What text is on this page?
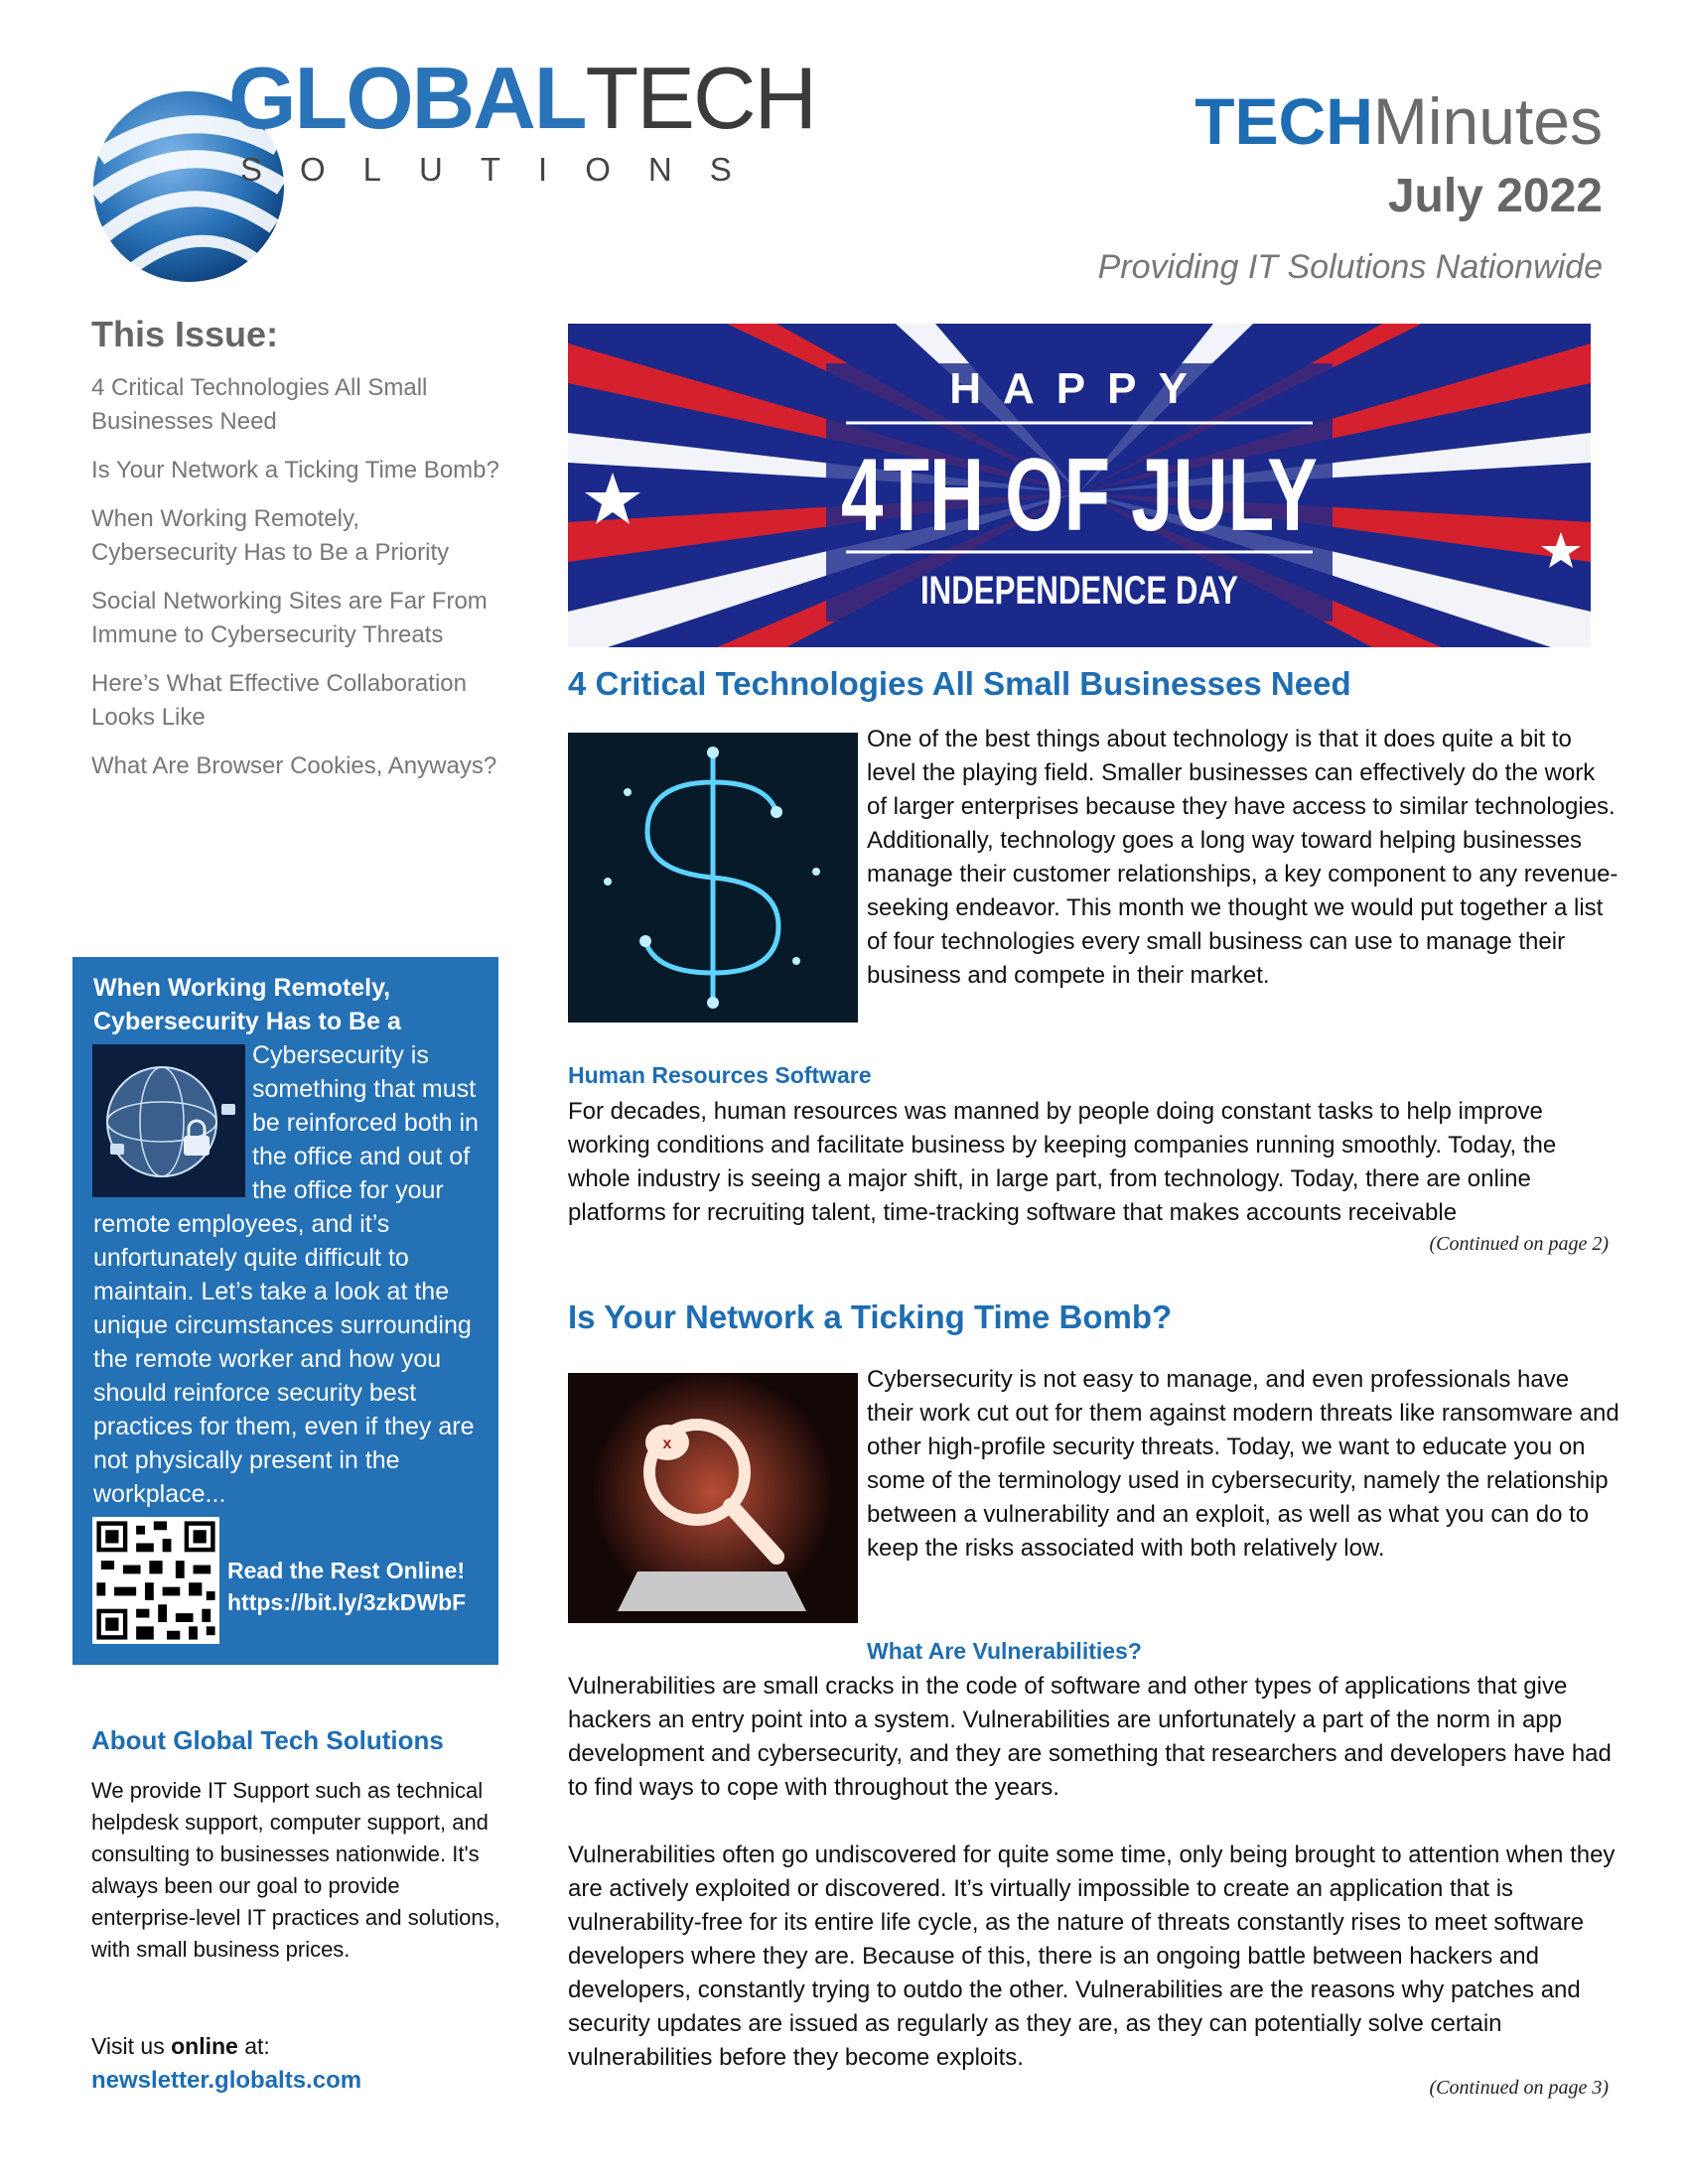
GLOBALTECH
SOLUTIONS
TECHMinutes
July 2022
Providing IT Solutions Nationwide
This Issue:
4 Critical Technologies All Small Businesses Need
Is Your Network a Ticking Time Bomb?
When Working Remotely, Cybersecurity Has to Be a Priority
Social Networking Sites are Far From Immune to Cybersecurity Threats
Here’s What Effective Collaboration Looks Like
What Are Browser Cookies, Anyways?
When Working Remotely, Cybersecurity Has to Be a
Cybersecurity is something that must be reinforced both in the office and out of the office for your remote employees, and it’s unfortunately quite difficult to maintain. Let’s take a look at the unique circumstances surrounding the remote worker and how you should reinforce security best practices for them, even if they are not physically present in the workplace...
Read the Rest Online!
https://bit.ly/3zkDWbF
About Global Tech Solutions
We provide IT Support such as technical helpdesk support, computer support, and consulting to businesses nationwide. It's always been our goal to provide enterprise-level IT practices and solutions, with small business prices.
Visit us online at:
newsletter.globalts.com
HAPPY
4TH OF JULY
INDEPENDENCE DAY
4 Critical Technologies All Small Businesses Need
One of the best things about technology is that it does quite a bit to level the playing field. Smaller businesses can effectively do the work of larger enterprises because they have access to similar technologies. Additionally, technology goes a long way toward helping businesses manage their customer relationships, a key component to any revenue-seeking endeavor. This month we thought we would put together a list of four technologies every small business can use to manage their business and compete in their market.
Human Resources Software
For decades, human resources was manned by people doing constant tasks to help improve working conditions and facilitate business by keeping companies running smoothly. Today, the whole industry is seeing a major shift, in large part, from technology. Today, there are online platforms for recruiting talent, time-tracking software that makes accounts receivable
(Continued on page 2)
Is Your Network a Ticking Time Bomb?
x
Cybersecurity is not easy to manage, and even professionals have their work cut out for them against modern threats like ransomware and other high-profile security threats. Today, we want to educate you on some of the terminology used in cybersecurity, namely the relationship between a vulnerability and an exploit, as well as what you can do to keep the risks associated with both relatively low.
What Are Vulnerabilities?
Vulnerabilities are small cracks in the code of software and other types of applications that give hackers an entry point into a system. Vulnerabilities are unfortunately a part of the norm in app development and cybersecurity, and they are something that researchers and developers have had to find ways to cope with throughout the years.
Vulnerabilities often go undiscovered for quite some time, only being brought to attention when they are actively exploited or discovered. It’s virtually impossible to create an application that is vulnerability-free for its entire life cycle, as the nature of threats constantly rises to meet software developers where they are. Because of this, there is an ongoing battle between hackers and developers, constantly trying to outdo the other. Vulnerabilities are the reasons why patches and security updates are issued as regularly as they are, as they can potentially solve certain vulnerabilities before they become exploits.
(Continued on page 3)
